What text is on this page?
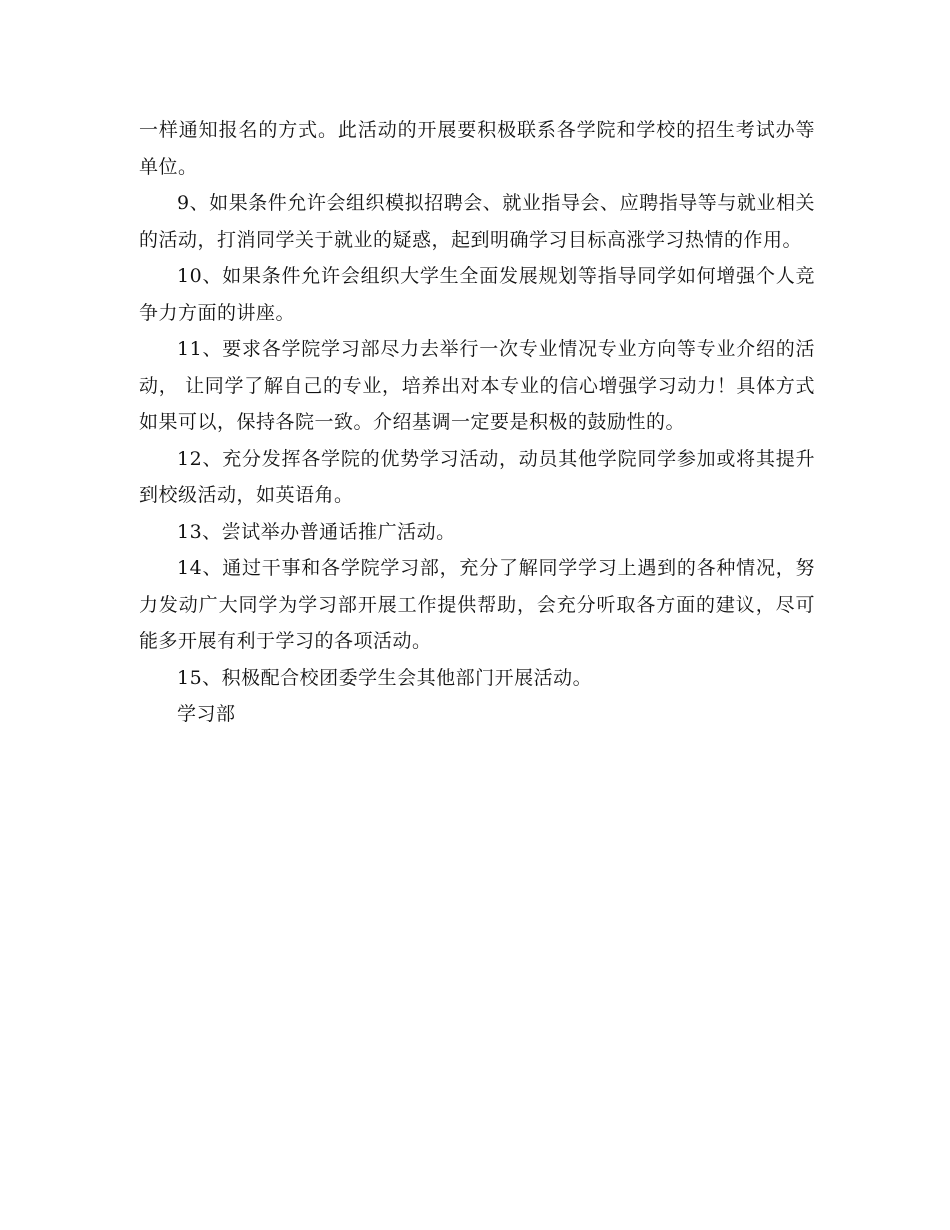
一样通知报名的方式。此活动的开展要积极联系各学院和学校的招生考试办等单位。

9、如果条件允许会组织模拟招聘会、就业指导会、应聘指导等与就业相关的活动，打消同学关于就业的疑惑，起到明确学习目标高涨学习热情的作用。

10、如果条件允许会组织大学生全面发展规划等指导同学如何增强个人竞争力方面的讲座。

11、要求各学院学习部尽力去举行一次专业情况专业方向等专业介绍的活动， 让同学了解自己的专业，培养出对本专业的信心增强学习动力！具体方式如果可以，保持各院一致。介绍基调一定要是积极的鼓励性的。

12、充分发挥各学院的优势学习活动，动员其他学院同学参加或将其提升到校级活动，如英语角。

13、尝试举办普通话推广活动。

14、通过干事和各学院学习部，充分了解同学学习上遇到的各种情况，努力发动广大同学为学习部开展工作提供帮助，会充分听取各方面的建议，尽可能多开展有利于学习的各项活动。

15、积极配合校团委学生会其他部门开展活动。

学习部
